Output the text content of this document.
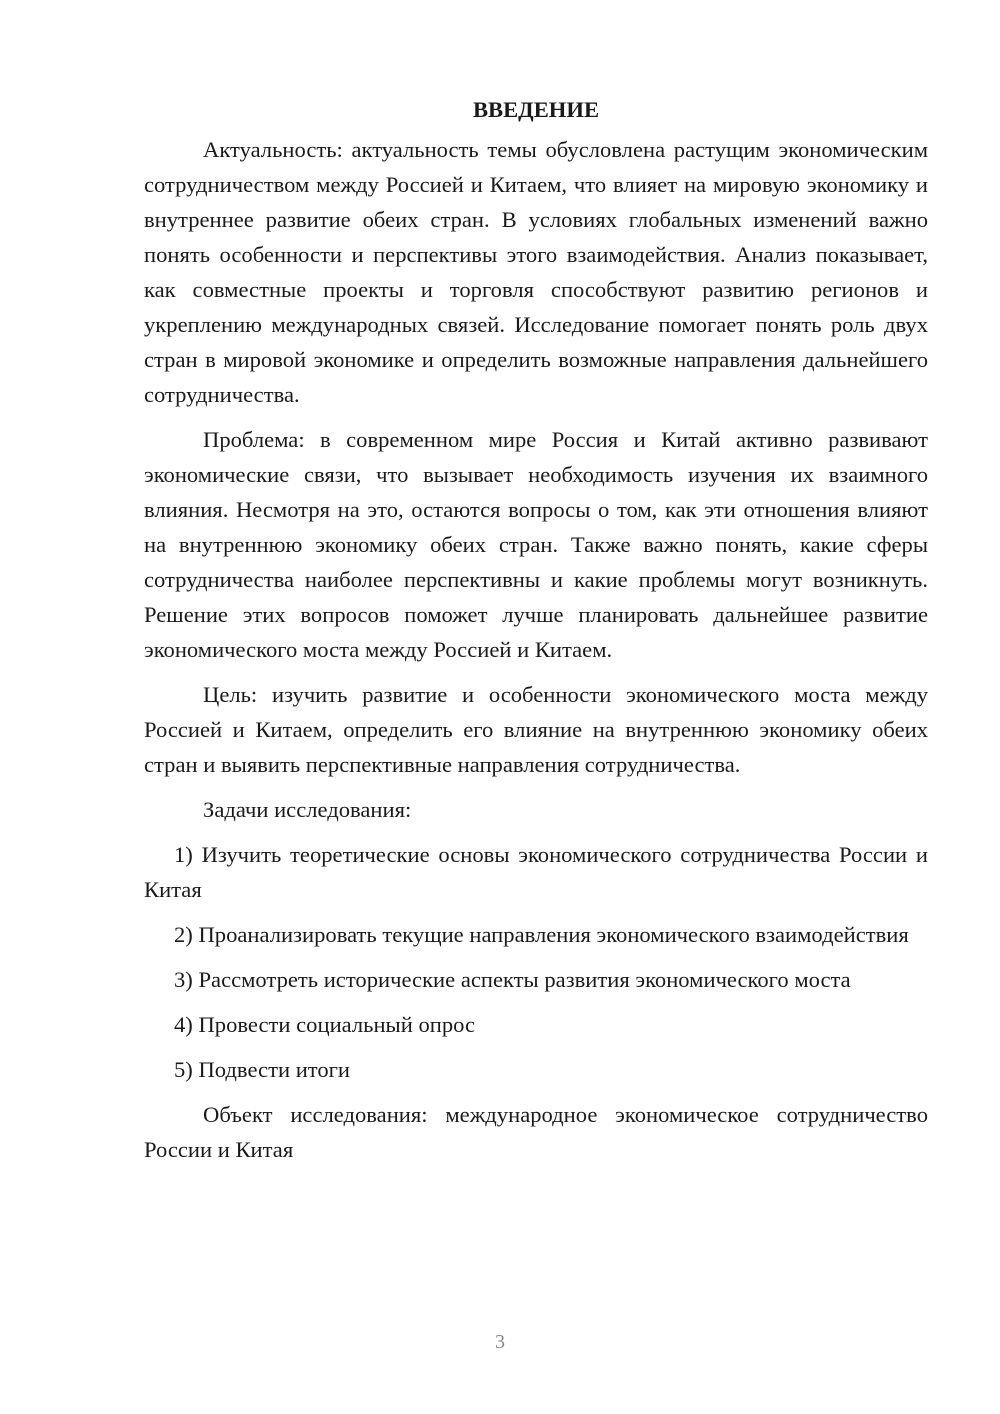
ВВЕДЕНИЕ

Актуальность: актуальность темы обусловлена растущим экономическим сотрудничеством между Россией и Китаем, что влияет на мировую экономику и внутреннее развитие обеих стран. В условиях глобальных изменений важно понять особенности и перспективы этого взаимодействия. Анализ показывает, как совместные проекты и торговля способствуют развитию регионов и укреплению международных связей. Исследование помогает понять роль двух стран в мировой экономике и определить возможные направления дальнейшего сотрудничества.

Проблема: в современном мире Россия и Китай активно развивают экономические связи, что вызывает необходимость изучения их взаимного влияния. Несмотря на это, остаются вопросы о том, как эти отношения влияют на внутреннюю экономику обеих стран. Также важно понять, какие сферы сотрудничества наиболее перспективны и какие проблемы могут возникнуть. Решение этих вопросов поможет лучше планировать дальнейшее развитие экономического моста между Россией и Китаем.

Цель: изучить развитие и особенности экономического моста между Россией и Китаем, определить его влияние на внутреннюю экономику обеих стран и выявить перспективные направления сотрудничества.

Задачи исследования:

1) Изучить теоретические основы экономического сотрудничества России и Китая

2) Проанализировать текущие направления экономического взаимодействия

3) Рассмотреть исторические аспекты развития экономического моста

4) Провести социальный опрос

5) Подвести итоги

Объект исследования: международное экономическое сотрудничество России и Китая

3
